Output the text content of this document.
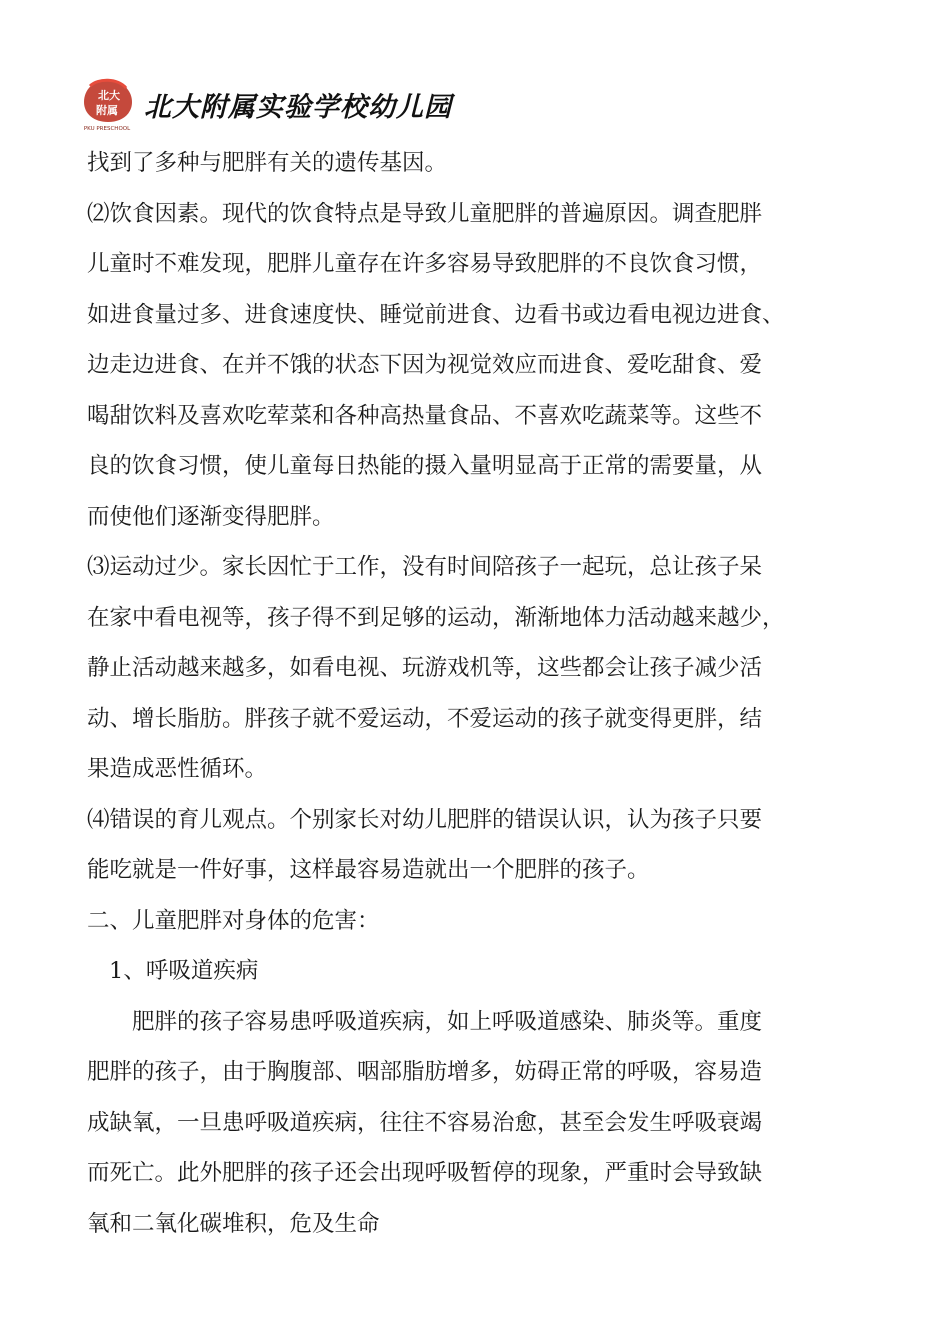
北大
附属
PKU PRESCHOOL
北大附属实验学校幼儿园

找到了多种与肥胖有关的遗传基因。

⑵饮食因素。现代的饮食特点是导致儿童肥胖的普遍原因。调查肥胖

儿童时不难发现，肥胖儿童存在许多容易导致肥胖的不良饮食习惯，

如进食量过多、进食速度快、睡觉前进食、边看书或边看电视边进食、

边走边进食、在并不饿的状态下因为视觉效应而进食、爱吃甜食、爱

喝甜饮料及喜欢吃荤菜和各种高热量食品、不喜欢吃蔬菜等。这些不

良的饮食习惯，使儿童每日热能的摄入量明显高于正常的需要量，从

而使他们逐渐变得肥胖。

⑶运动过少。家长因忙于工作，没有时间陪孩子一起玩，总让孩子呆

在家中看电视等，孩子得不到足够的运动，渐渐地体力活动越来越少，

静止活动越来越多，如看电视、玩游戏机等，这些都会让孩子减少活

动、增长脂肪。胖孩子就不爱运动，不爱运动的孩子就变得更胖，结

果造成恶性循环。

⑷错误的育儿观点。个别家长对幼儿肥胖的错误认识，认为孩子只要

能吃就是一件好事，这样最容易造就出一个肥胖的孩子。

二、儿童肥胖对身体的危害：

1、呼吸道疾病

肥胖的孩子容易患呼吸道疾病，如上呼吸道感染、肺炎等。重度

肥胖的孩子，由于胸腹部、咽部脂肪增多，妨碍正常的呼吸，容易造

成缺氧，一旦患呼吸道疾病，往往不容易治愈，甚至会发生呼吸衰竭

而死亡。此外肥胖的孩子还会出现呼吸暂停的现象，严重时会导致缺

氧和二氧化碳堆积，危及生命
